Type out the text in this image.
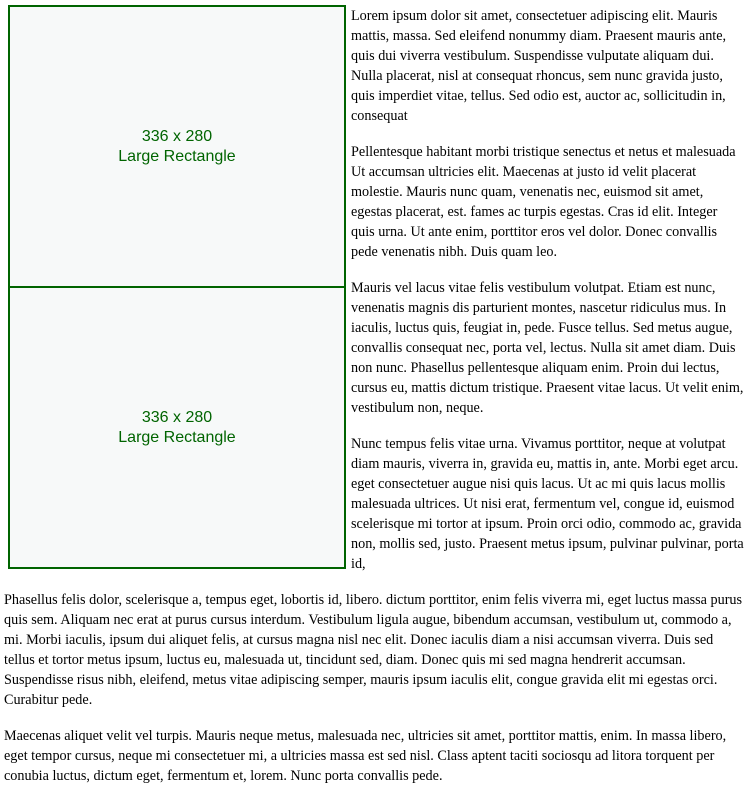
336 x 280
Large Rectangle
336 x 280
Large Rectangle

Lorem ipsum dolor sit amet, consectetuer adipiscing elit. Mauris mattis, massa. Sed eleifend nonummy diam. Praesent mauris ante, quis dui viverra vestibulum. Suspendisse vulputate aliquam dui. Nulla placerat, nisl at consequat rhoncus, sem nunc gravida justo, quis imperdiet vitae, tellus. Sed odio est, auctor ac, sollicitudin in, consequat

Pellentesque habitant morbi tristique senectus et netus et malesuada Ut accumsan ultricies elit. Maecenas at justo id velit placerat molestie. Mauris nunc quam, venenatis nec, euismod sit amet, egestas placerat, est. fames ac turpis egestas. Cras id elit. Integer quis urna. Ut ante enim, porttitor eros vel dolor. Donec convallis pede venenatis nibh. Duis quam leo.

Mauris vel lacus vitae felis vestibulum volutpat. Etiam est nunc, venenatis magnis dis parturient montes, nascetur ridiculus mus. In iaculis, luctus quis, feugiat in, pede. Fusce tellus. Sed metus augue, convallis consequat nec, porta vel, lectus. Nulla sit amet diam. Duis non nunc. Phasellus pellentesque aliquam enim. Proin dui lectus, cursus eu, mattis dictum tristique. Praesent vitae lacus. Ut velit enim, vestibulum non, neque.

Nunc tempus felis vitae urna. Vivamus porttitor, neque at volutpat diam mauris, viverra in, gravida eu, mattis in, ante. Morbi eget arcu. eget consectetuer augue nisi quis lacus. Ut ac mi quis lacus mollis malesuada ultrices. Ut nisi erat, fermentum vel, congue id, euismod scelerisque mi tortor at ipsum. Proin orci odio, commodo ac, gravida non, mollis sed, justo. Praesent metus ipsum, pulvinar pulvinar, porta id,

Phasellus felis dolor, scelerisque a, tempus eget, lobortis id, libero. dictum porttitor, enim felis viverra mi, eget luctus massa purus quis sem. Aliquam nec erat at purus cursus interdum. Vestibulum ligula augue, bibendum accumsan, vestibulum ut, commodo a, mi. Morbi iaculis, ipsum dui aliquet felis, at cursus magna nisl nec elit. Donec iaculis diam a nisi accumsan viverra. Duis sed tellus et tortor metus ipsum, luctus eu, malesuada ut, tincidunt sed, diam. Donec quis mi sed magna hendrerit accumsan. Suspendisse risus nibh, eleifend, metus vitae adipiscing semper, mauris ipsum iaculis elit, congue gravida elit mi egestas orci. Curabitur pede.

Maecenas aliquet velit vel turpis. Mauris neque metus, malesuada nec, ultricies sit amet, porttitor mattis, enim. In massa libero, eget tempor cursus, neque mi consectetuer mi, a ultricies massa est sed nisl. Class aptent taciti sociosqu ad litora torquent per conubia luctus, dictum eget, fermentum et, lorem. Nunc porta convallis pede.
